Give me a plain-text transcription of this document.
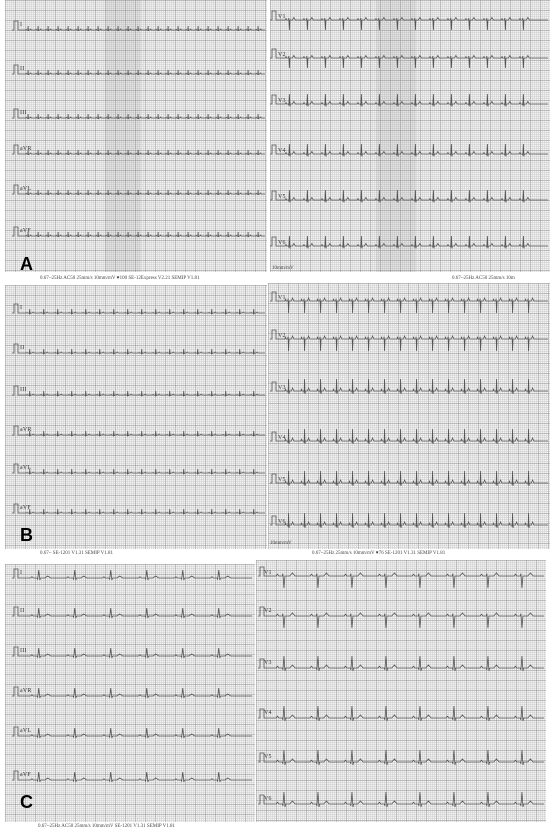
I
II
III
aVR
aVL
aVF
V1
V2
V3
V4
V5
V6
10mm/mV
0.67~25Hz AC50 25mm/s 10mm/mV ♥100 SE-12Express V2.21 SEMIP V1.81	0.67~25Hz AC50 25mm/s 10m
A
I
II
III
aVR
aVL
aVF
V1
V2
V3
V4
V5
V6
10mm/mV
0.67~ SE-1201 V1.31 SEMIP V1.81	0.67~25Hz 25mm/s 10mm/mV ♥76 SE-1201 V1.31 SEMIP V1.81
B
I
II
III
aVR
aVL
aVF
V1
V2
V3
V4
V5
V6
0.67~25Hz AC50 25mm/s 10mm/mV SE-1201 V1.31 SEMIP V1.81
C
